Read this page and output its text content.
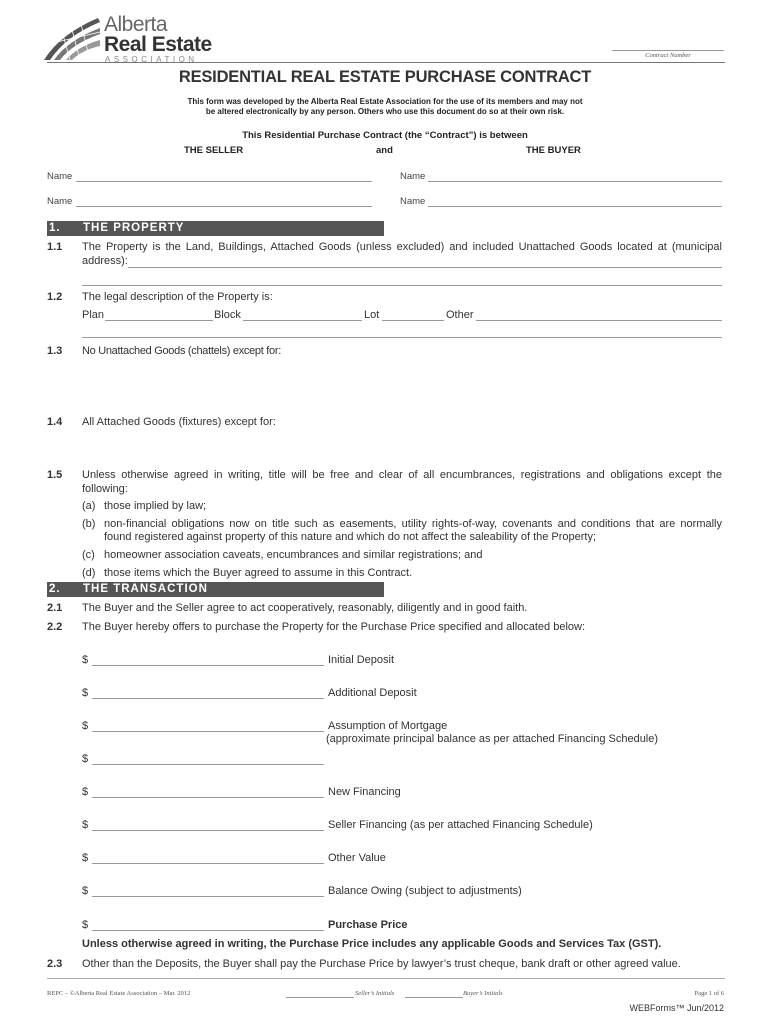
Alberta
Real Estate
ASSOCIATION	Contract Number
RESIDENTIAL REAL ESTATE PURCHASE CONTRACT
This form was developed by the Alberta Real Estate Association for the use of its members and may not
be altered electronically by any person. Others who use this document do so at their own risk.
This Residential Purchase Contract (the “Contract”) is between
THE SELLER	and	THE BUYER
Name	Name
Name	Name
1. THE PROPERTY
1.1 The Property is the Land, Buildings, Attached Goods (unless excluded) and included Unattached Goods located at (municipal
address):
1.2 The legal description of the Property is:
Plan	Block	Lot	Other
1.3 No Unattached Goods (chattels) except for:
1.4 All Attached Goods (fixtures) except for:
1.5 Unless otherwise agreed in writing, title will be free and clear of all encumbrances, registrations and obligations except the
following:
(a) those implied by law;
(b) non-financial obligations now on title such as easements, utility rights-of-way, covenants and conditions that are normally
found registered against property of this nature and which do not affect the saleability of the Property;
(c) homeowner association caveats, encumbrances and similar registrations; and
(d) those items which the Buyer agreed to assume in this Contract.
2. THE TRANSACTION
2.1 The Buyer and the Seller agree to act cooperatively, reasonably, diligently and in good faith.
2.2 The Buyer hereby offers to purchase the Property for the Purchase Price specified and allocated below:
$	Initial Deposit
$	Additional Deposit
$	Assumption of Mortgage
(approximate principal balance as per attached Financing Schedule)
$
$	New Financing
$	Seller Financing (as per attached Financing Schedule)
$	Other Value
$	Balance Owing (subject to adjustments)
$	Purchase Price
Unless otherwise agreed in writing, the Purchase Price includes any applicable Goods and Services Tax (GST).
2.3 Other than the Deposits, the Buyer shall pay the Purchase Price by lawyer’s trust cheque, bank draft or other agreed value.
REPC – ©Alberta Real Estate Association – Mar. 2012	Seller’s Initials	Buyer’s Initials	Page 1 of 6
WEBForms™ Jun/2012
